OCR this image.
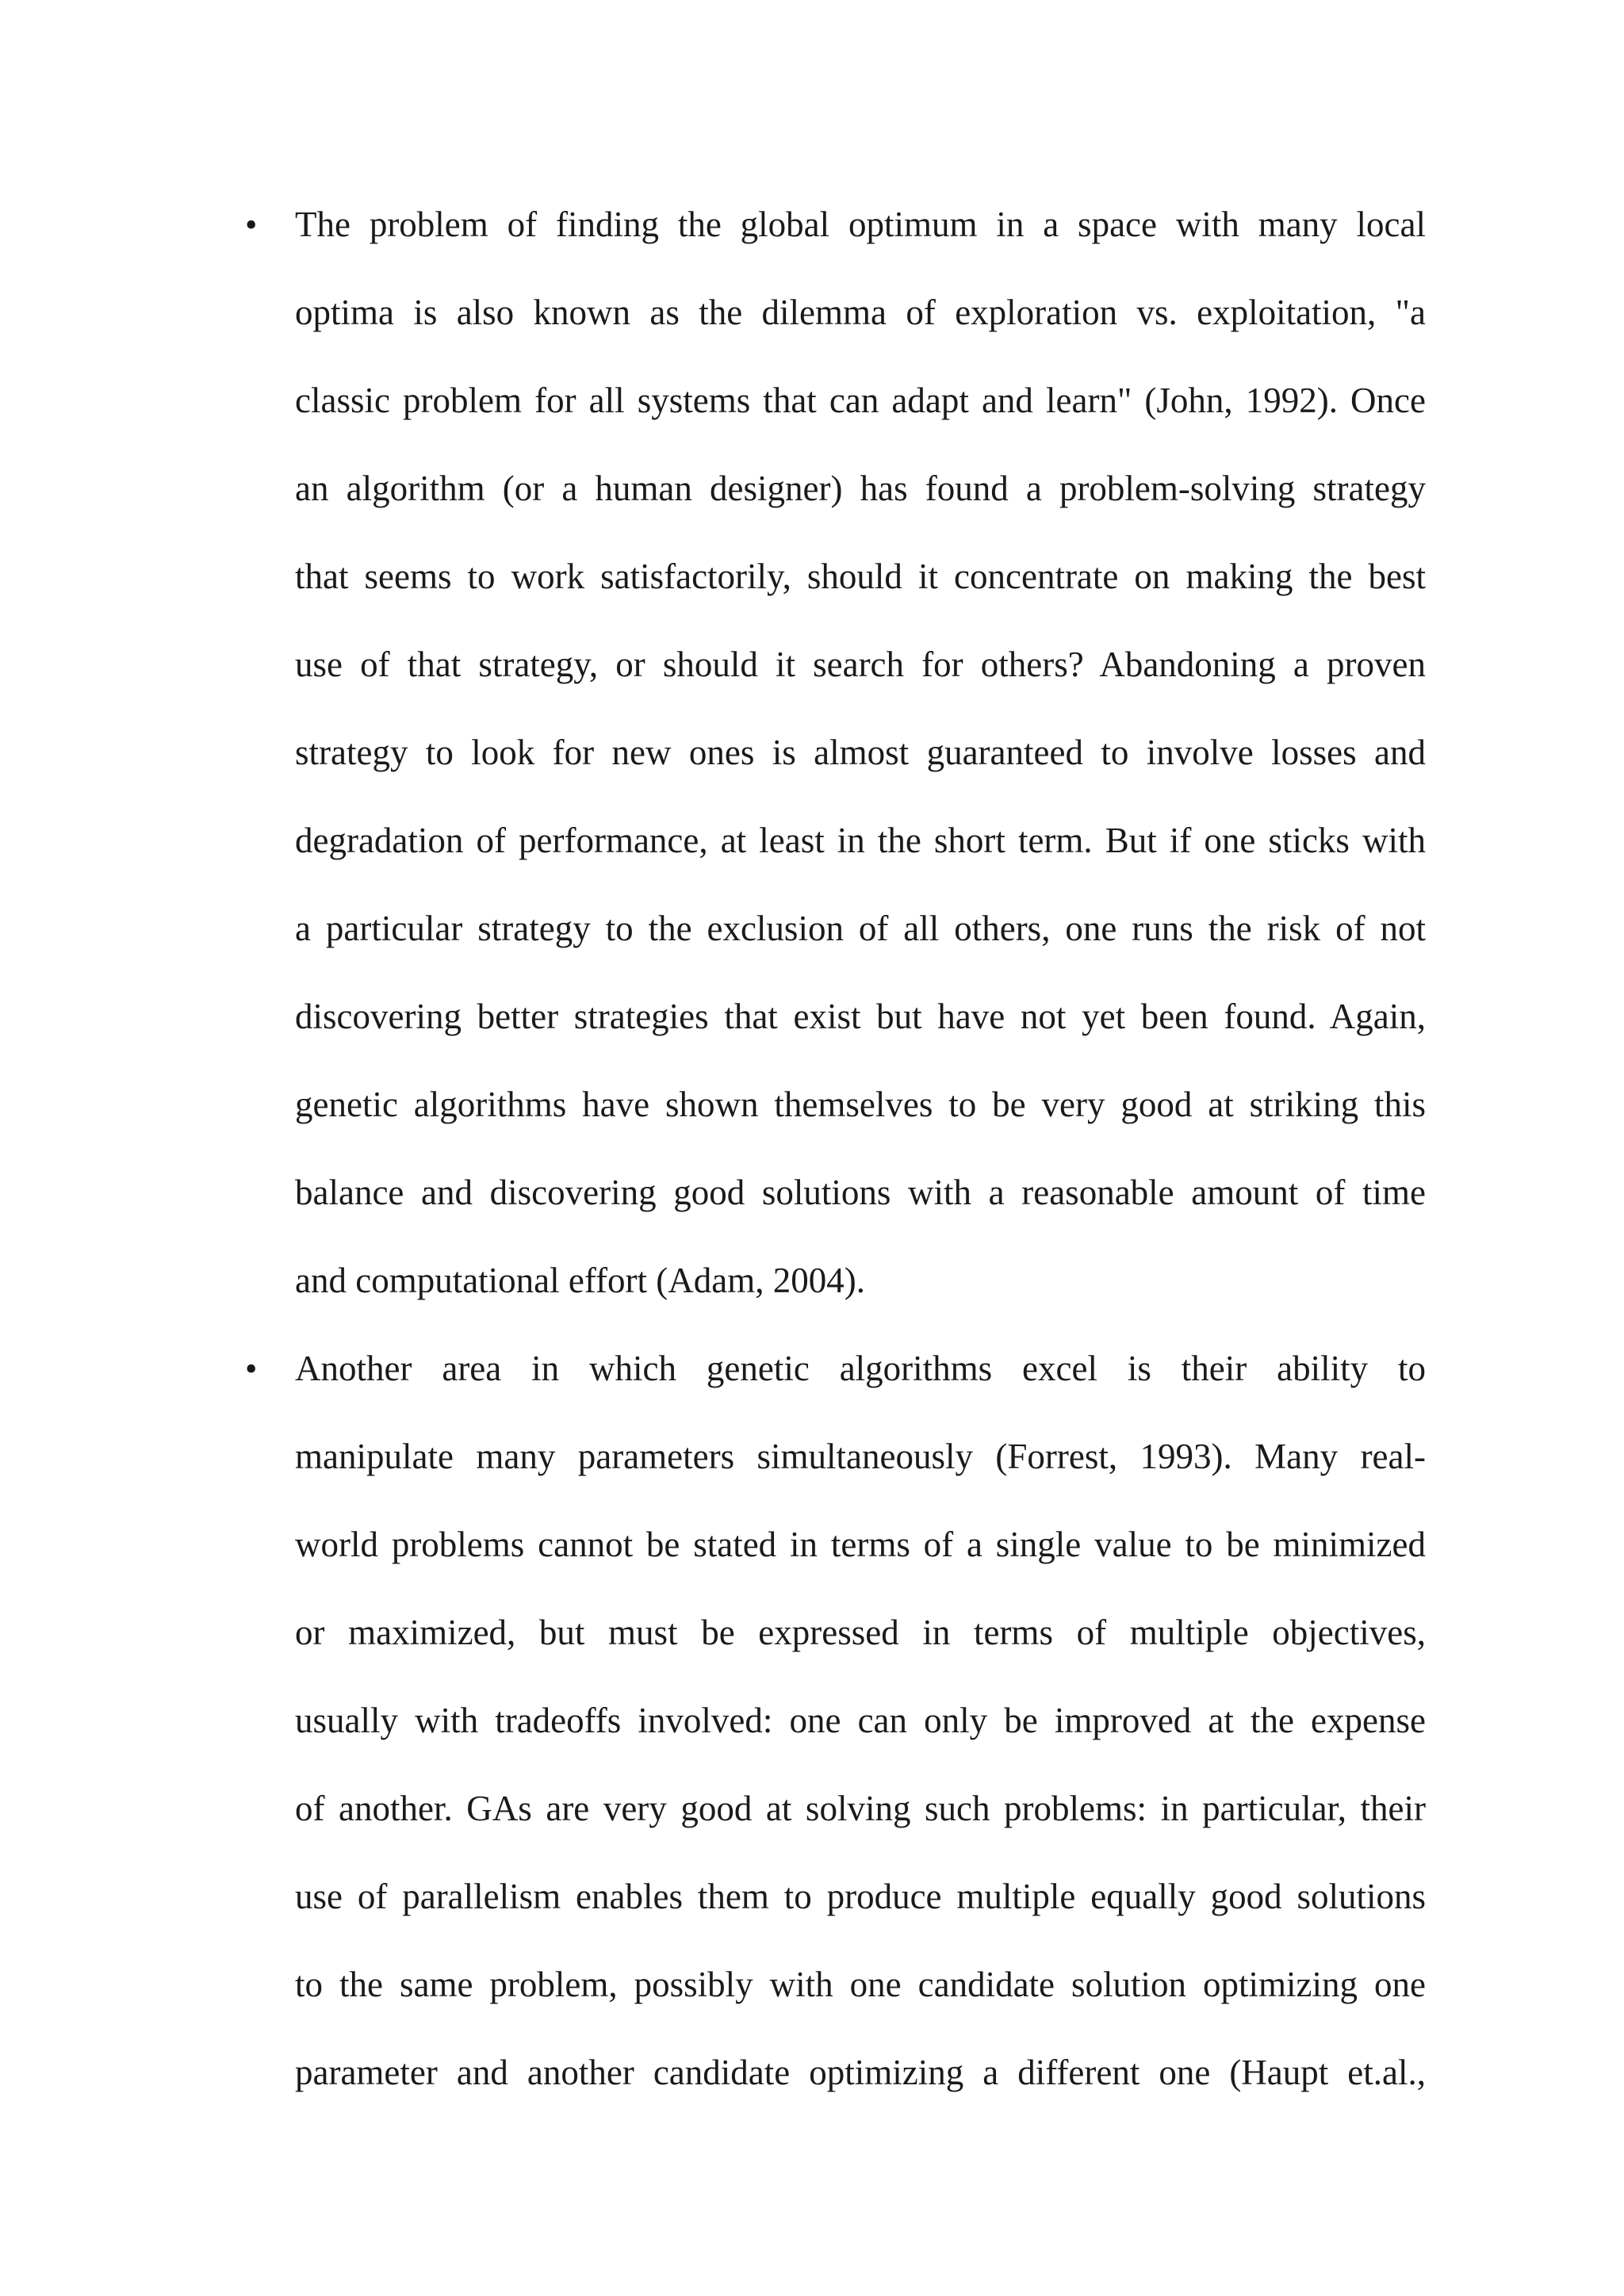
• The problem of finding the global optimum in a space with many local
optima is also known as the dilemma of exploration vs. exploitation, "a
classic problem for all systems that can adapt and learn" (John, 1992). Once
an algorithm (or a human designer) has found a problem-solving strategy
that seems to work satisfactorily, should it concentrate on making the best
use of that strategy, or should it search for others? Abandoning a proven
strategy to look for new ones is almost guaranteed to involve losses and
degradation of performance, at least in the short term. But if one sticks with
a particular strategy to the exclusion of all others, one runs the risk of not
discovering better strategies that exist but have not yet been found. Again,
genetic algorithms have shown themselves to be very good at striking this
balance and discovering good solutions with a reasonable amount of time
and computational effort (Adam, 2004).

• Another area in which genetic algorithms excel is their ability to
manipulate many parameters simultaneously (Forrest, 1993). Many real-
world problems cannot be stated in terms of a single value to be minimized
or maximized, but must be expressed in terms of multiple objectives,
usually with tradeoffs involved: one can only be improved at the expense
of another. GAs are very good at solving such problems: in particular, their
use of parallelism enables them to produce multiple equally good solutions
to the same problem, possibly with one candidate solution optimizing one
parameter and another candidate optimizing a different one (Haupt et.al.,
